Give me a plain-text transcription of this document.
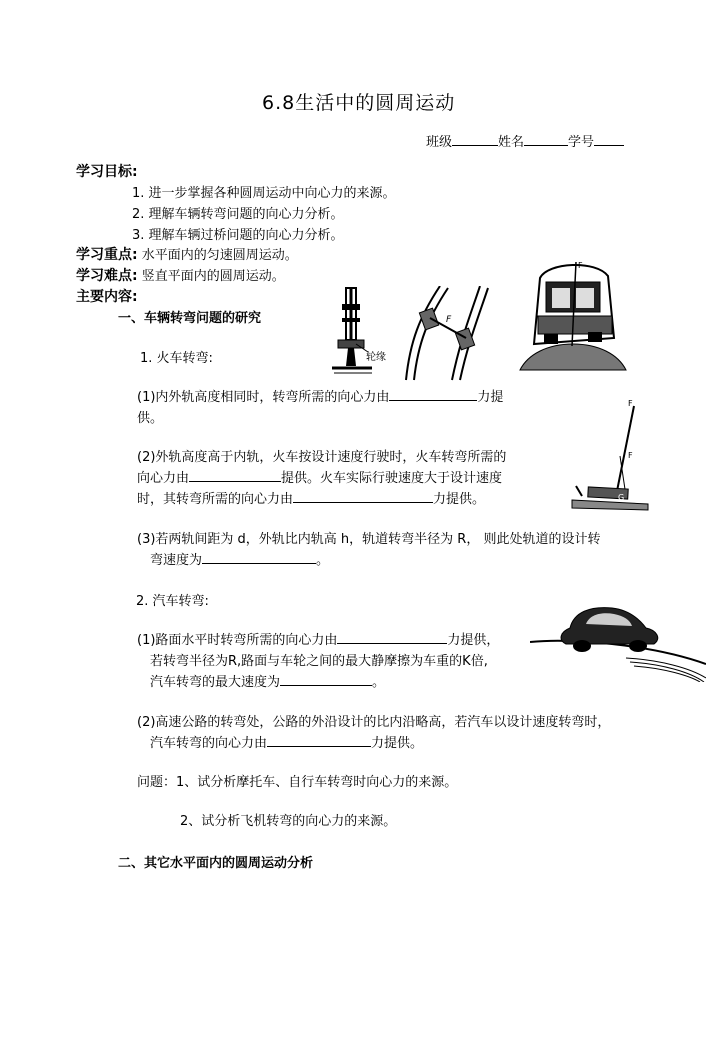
6.8生活中的圆周运动
班级	姓名	学号
学习目标:
1. 进一步掌握各种圆周运动中向心力的来源。
2. 理解车辆转弯问题的向心力分析。
3. 理解车辆过桥问题的向心力分析。
学习重点: 水平面内的匀速圆周运动。
学习难点: 竖直平面内的圆周运动。
主要内容:
一、车辆转弯问题的研究
轮缘
F
F
1. 火车转弯:
(1)内外轨高度相同时，转弯所需的向心力由	力提
供。
F
F
G
(2)外轨高度高于内轨，火车按设计速度行驶时，火车转弯所需的
向心力由	提供。火车实际行驶速度大于设计速度
时，其转弯所需的向心力由	力提供。
(3)若两轨间距为 d，外轨比内轨高 h，轨道转弯半径为 R， 则此处轨道的设计转
弯速度为	。
2. 汽车转弯:
(1)路面水平时转弯所需的向心力由	力提供，
若转弯半径为R,路面与车轮之间的最大静摩擦为车重的K倍,
汽车转弯的最大速度为	。
(2)高速公路的转弯处，公路的外沿设计的比内沿略高，若汽车以设计速度转弯时，
汽车转弯的向心力由	力提供。
问题：1、试分析摩托车、自行车转弯时向心力的来源。
2、试分析飞机转弯的向心力的来源。
二、其它水平面内的圆周运动分析
